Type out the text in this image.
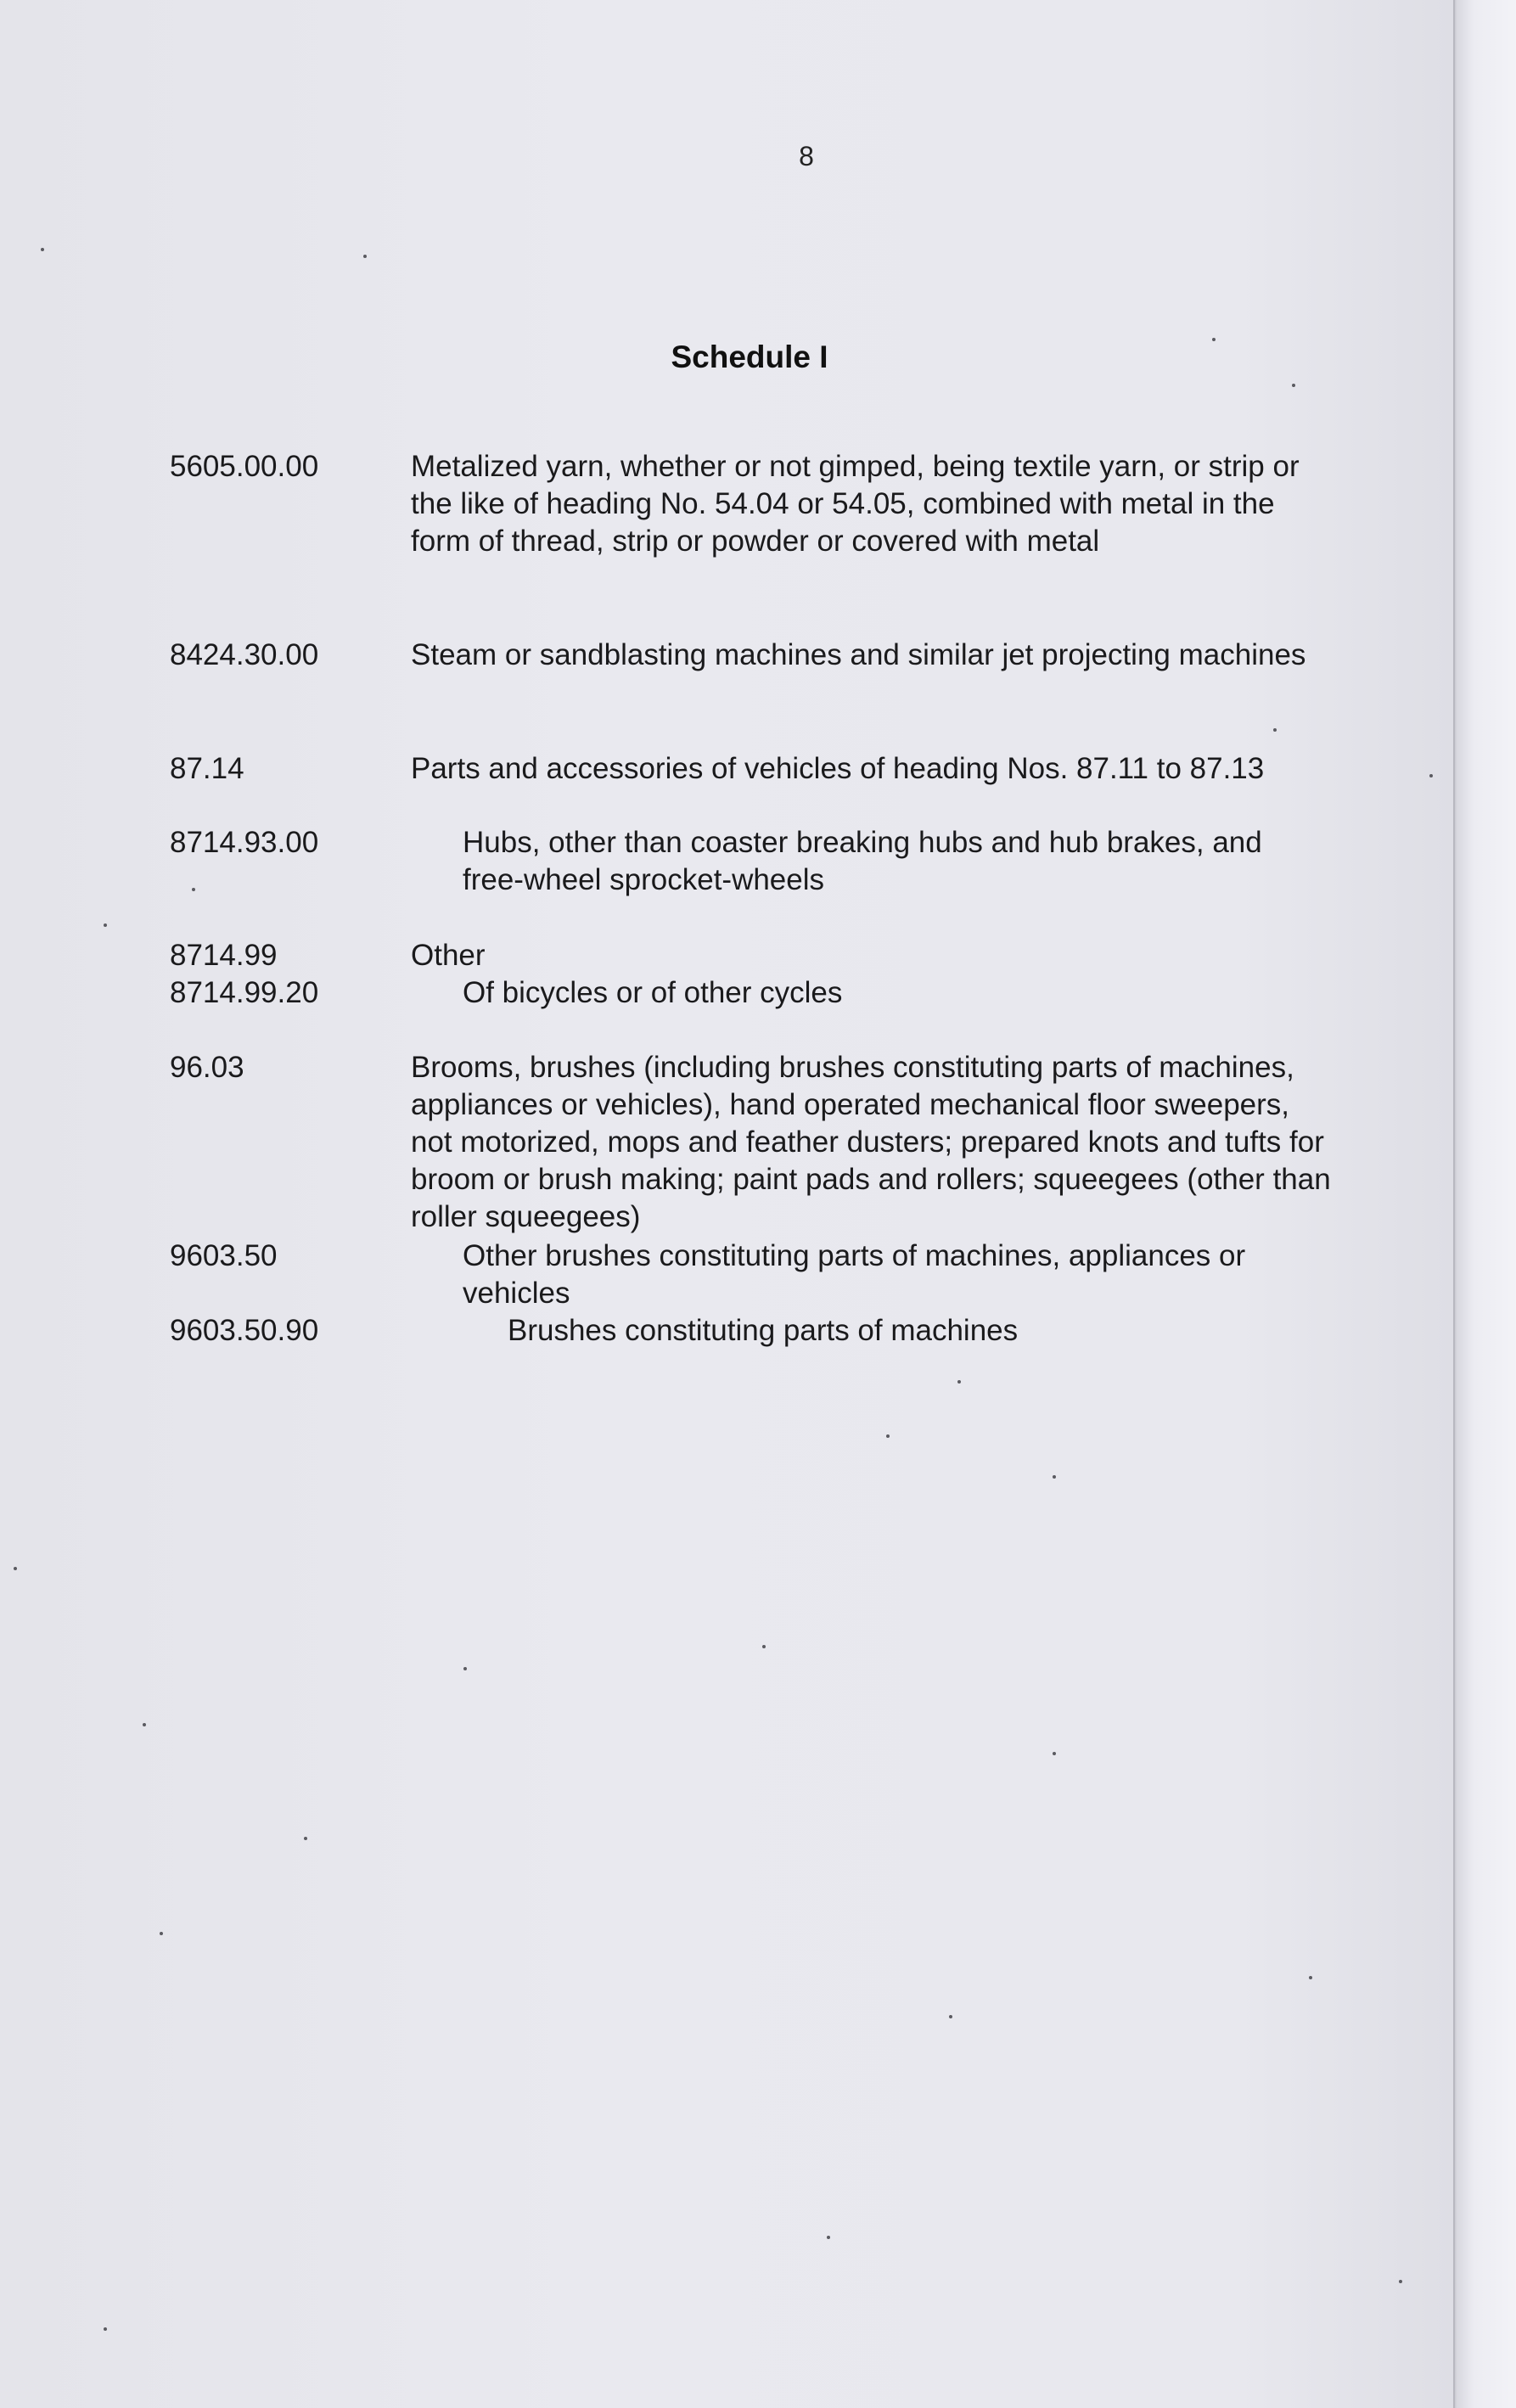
8
Schedule I
5605.00.00	Metalized yarn, whether or not gimped, being textile yarn, or strip or the like of heading No. 54.04 or 54.05, combined with metal in the form of thread, strip or powder or covered with metal
8424.30.00	Steam or sandblasting machines and similar jet projecting machines
87.14	Parts and accessories of vehicles of heading Nos. 87.11 to 87.13
8714.93.00	Hubs, other than coaster breaking hubs and hub brakes, and free-wheel sprocket-wheels
8714.99	Other
8714.99.20	Of bicycles or of other cycles
96.03	Brooms, brushes (including brushes constituting parts of machines, appliances or vehicles), hand operated mechanical floor sweepers, not motorized, mops and feather dusters; prepared knots and tufts for broom or brush making; paint pads and rollers; squeegees (other than roller squeegees)
9603.50	Other brushes constituting parts of machines, appliances or vehicles
9603.50.90	Brushes constituting parts of machines
